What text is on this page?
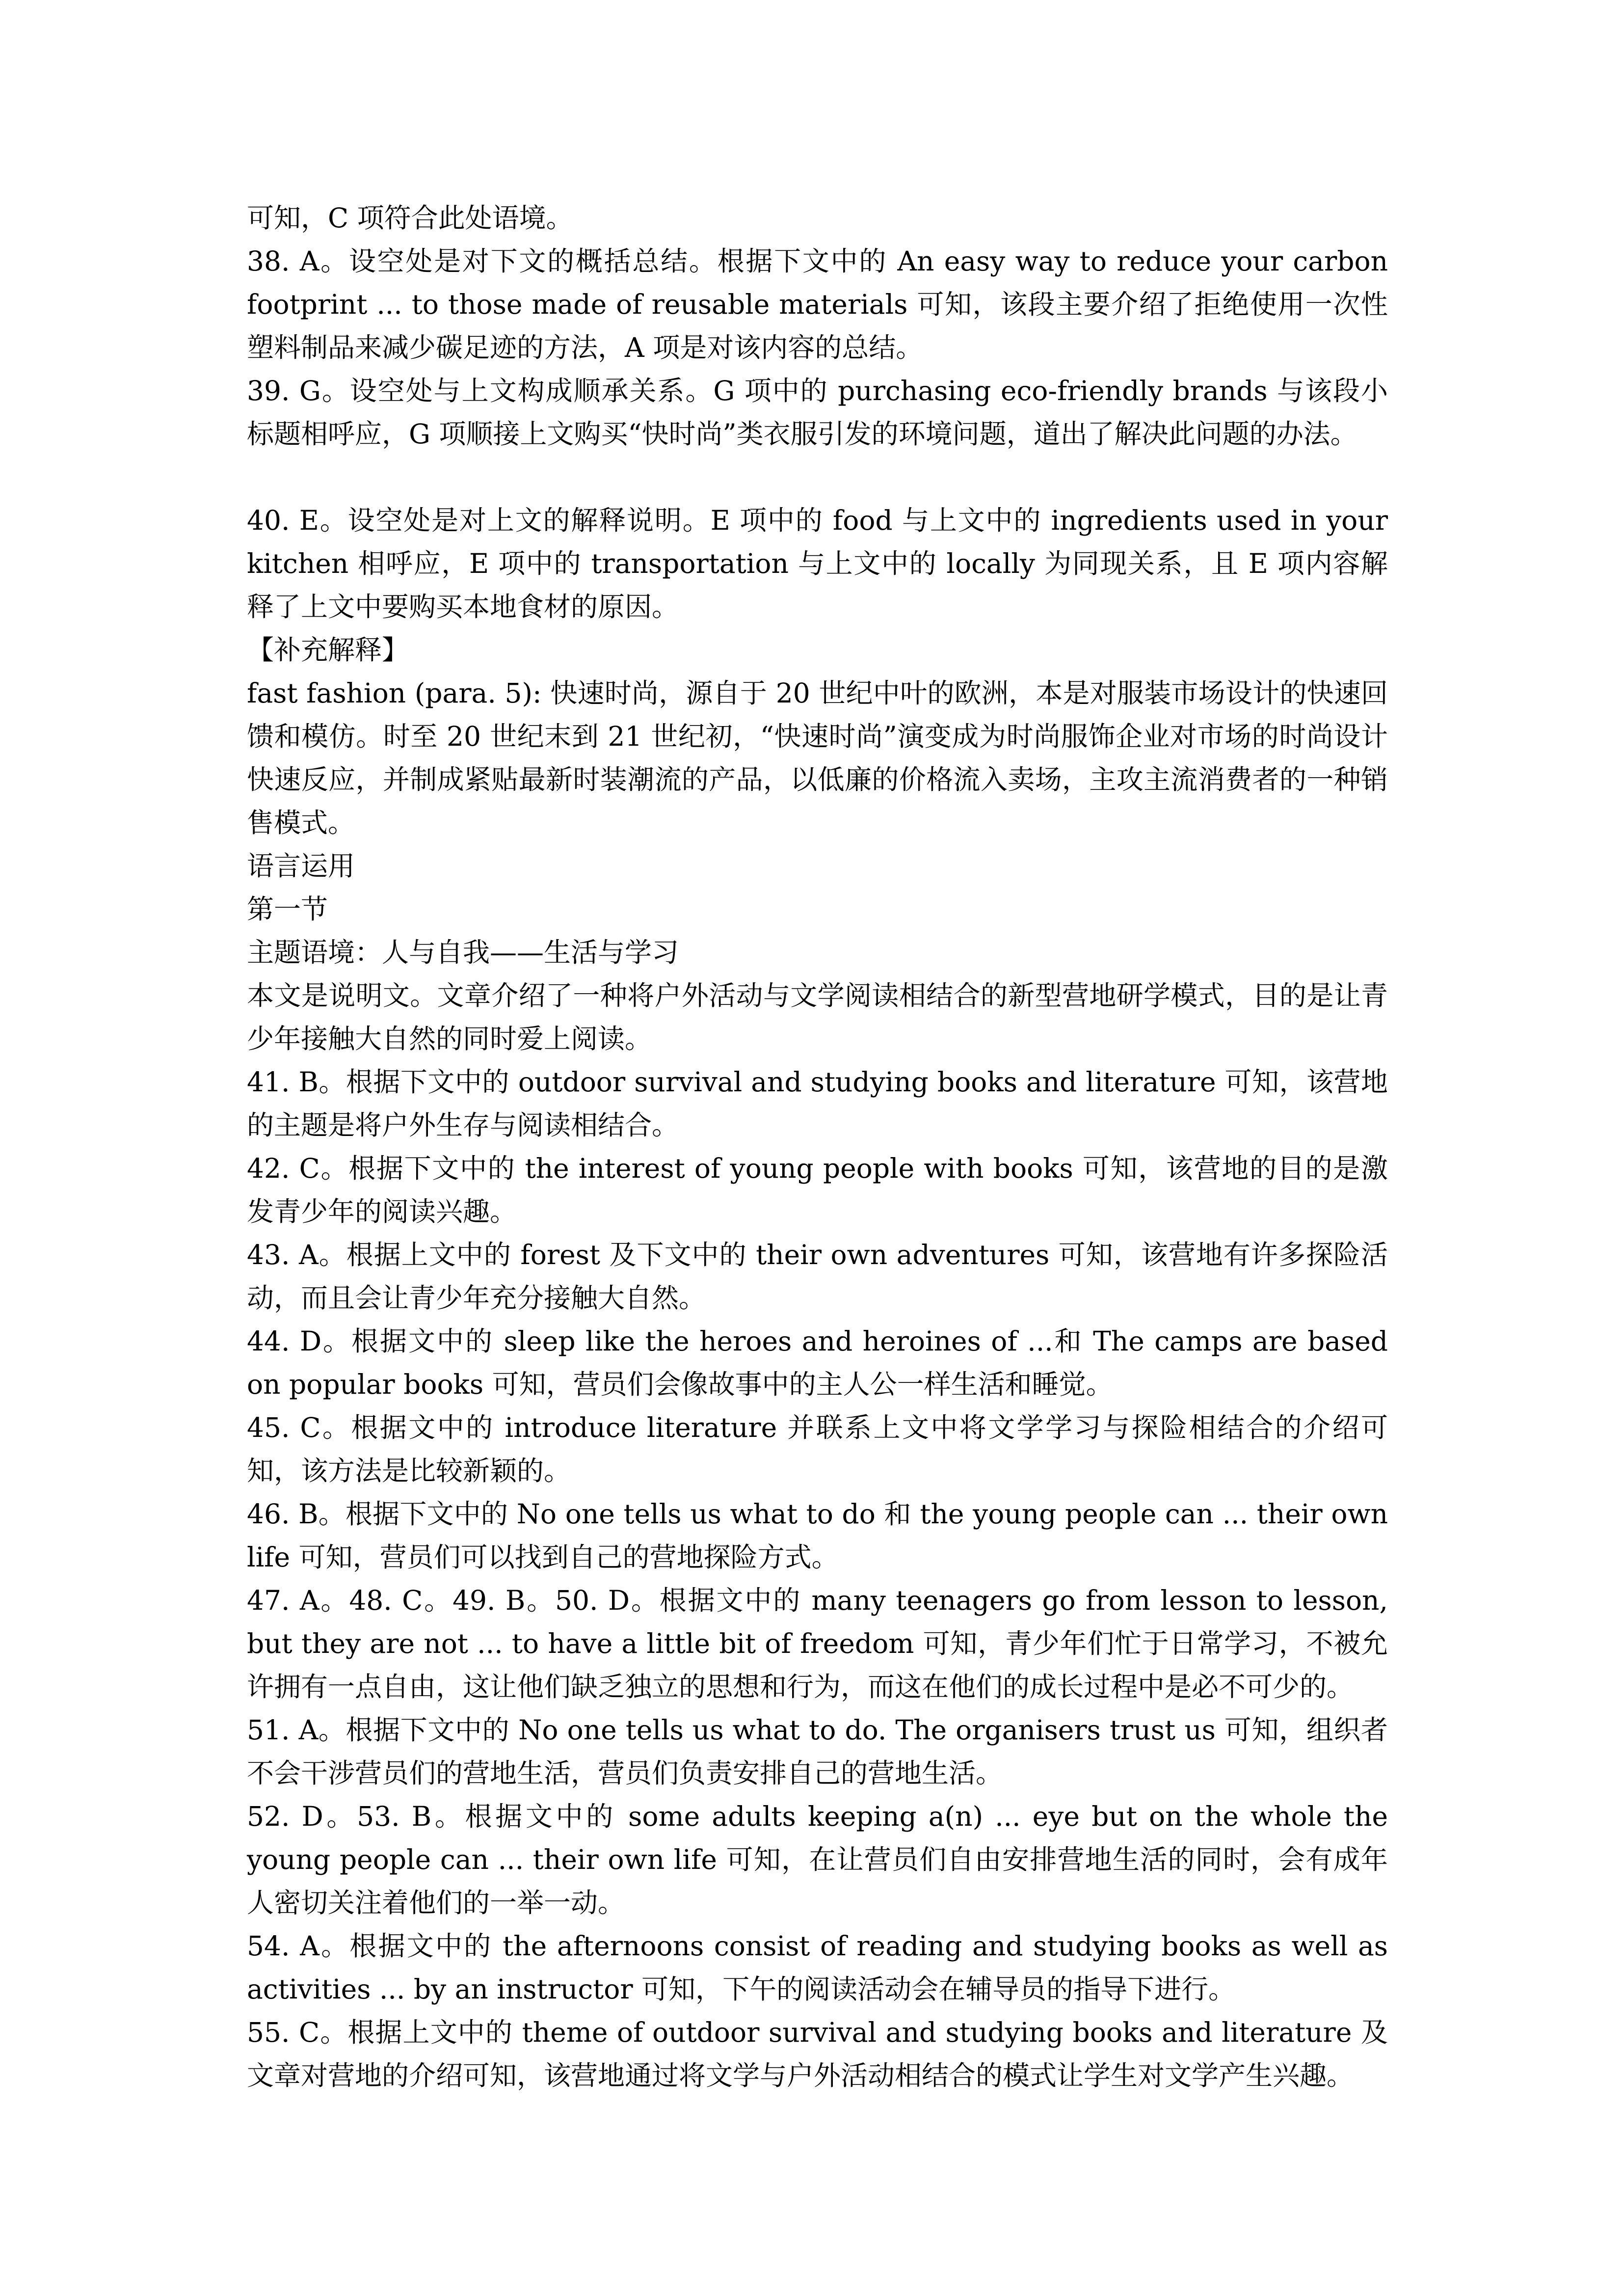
可知，C 项符合此处语境。

38. A。设空处是对下文的概括总结。根据下文中的 An easy way to reduce your carbon footprint ... to those made of reusable materials 可知，该段主要介绍了拒绝使用一次性塑料制品来减少碳足迹的方法，A 项是对该内容的总结。

39. G。设空处与上文构成顺承关系。G 项中的 purchasing eco-friendly brands 与该段小标题相呼应，G 项顺接上文购买“快时尚”类衣服引发的环境问题，道出了解决此问题的办法。

40. E。设空处是对上文的解释说明。E 项中的 food 与上文中的 ingredients used in your kitchen 相呼应，E 项中的 transportation 与上文中的 locally 为同现关系，且 E 项内容解释了上文中要购买本地食材的原因。

【补充解释】

fast fashion (para. 5): 快速时尚，源自于 20 世纪中叶的欧洲，本是对服装市场设计的快速回馈和模仿。时至 20 世纪末到 21 世纪初，“快速时尚”演变成为时尚服饰企业对市场的时尚设计快速反应，并制成紧贴最新时装潮流的产品，以低廉的价格流入卖场，主攻主流消费者的一种销售模式。

语言运用

第一节

主题语境：人与自我——生活与学习

本文是说明文。文章介绍了一种将户外活动与文学阅读相结合的新型营地研学模式，目的是让青少年接触大自然的同时爱上阅读。

41. B。根据下文中的 outdoor survival and studying books and literature 可知，该营地的主题是将户外生存与阅读相结合。

42. C。根据下文中的 the interest of young people with books 可知，该营地的目的是激发青少年的阅读兴趣。

43. A。根据上文中的 forest 及下文中的 their own adventures 可知，该营地有许多探险活动，而且会让青少年充分接触大自然。

44. D。根据文中的 sleep like the heroes and heroines of ...和 The camps are based on popular books 可知，营员们会像故事中的主人公一样生活和睡觉。

45. C。根据文中的 introduce literature 并联系上文中将文学学习与探险相结合的介绍可知，该方法是比较新颖的。

46. B。根据下文中的 No one tells us what to do 和 the young people can ... their own life 可知，营员们可以找到自己的营地探险方式。

47. A。48. C。49. B。50. D。根据文中的 many teenagers go from lesson to lesson, but they are not ... to have a little bit of freedom 可知，青少年们忙于日常学习，不被允许拥有一点自由，这让他们缺乏独立的思想和行为，而这在他们的成长过程中是必不可少的。

51. A。根据下文中的 No one tells us what to do. The organisers trust us 可知，组织者不会干涉营员们的营地生活，营员们负责安排自己的营地生活。

52. D。53. B。根据文中的 some adults keeping a(n) ... eye but on the whole the young people can ... their own life 可知，在让营员们自由安排营地生活的同时，会有成年人密切关注着他们的一举一动。

54. A。根据文中的 the afternoons consist of reading and studying books as well as activities ... by an instructor 可知，下午的阅读活动会在辅导员的指导下进行。

55. C。根据上文中的 theme of outdoor survival and studying books and literature 及文章对营地的介绍可知，该营地通过将文学与户外活动相结合的模式让学生对文学产生兴趣。
